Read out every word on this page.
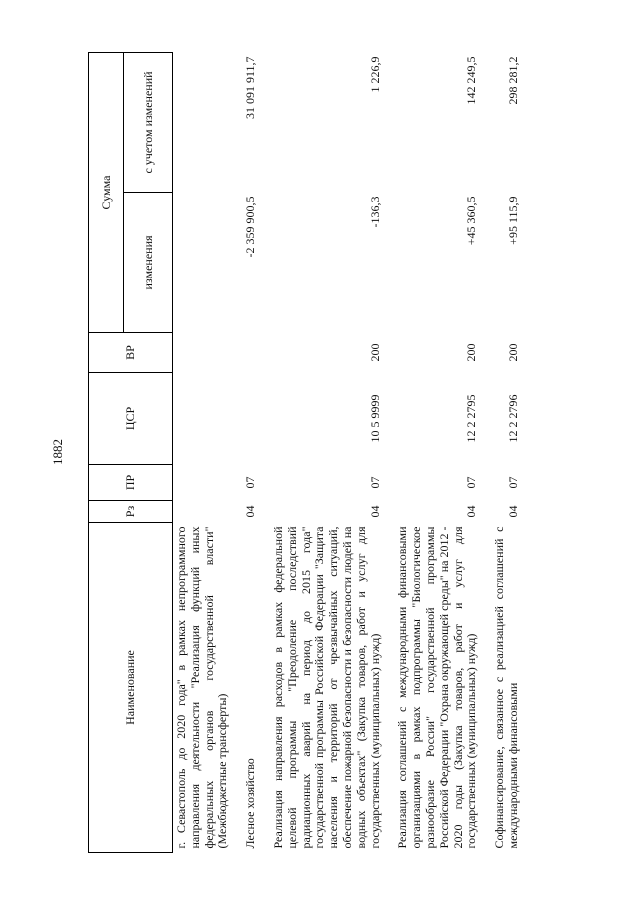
1882
Наименование	Рз	ПР	ЦСР	ВР	Сумма	
					изменения	с учетом изменений
г. Севастополь до 2020 года" в рамках непрограммного направления деятельности "Реализация функций иных федеральных органов государственной власти" (Межбюджетные трансферты)						
Лесное хозяйство	04	07			-2 359 900,5	31 091 911,7
Реализация направления расходов в рамках федеральной целевой программы "Преодоление последствий радиационных аварий на период до 2015 года" государственной программы Российской Федерации "Защита населения и территорий от чрезвычайных ситуаций, обеспечение пожарной безопасности и безопасности людей на водных объектах" (Закупка товаров, работ и услуг для государственных (муниципальных) нужд)	04	07	10 5 9999	200	-136,3	1 226,9
Реализация соглашений с международными финансовыми организациями в рамках подпрограммы "Биологическое разнообразие России" государственной программы Российской Федерации "Охрана окружающей среды" на 2012 - 2020 годы (Закупка товаров, работ и услуг для государственных (муниципальных) нужд)	04	07	12 2 2795	200	+45 360,5	142 249,5
Софинансирование, связанное с реализацией соглашений с международными финансовыми	04	07	12 2 2796	200	+95 115,9	298 281,2
